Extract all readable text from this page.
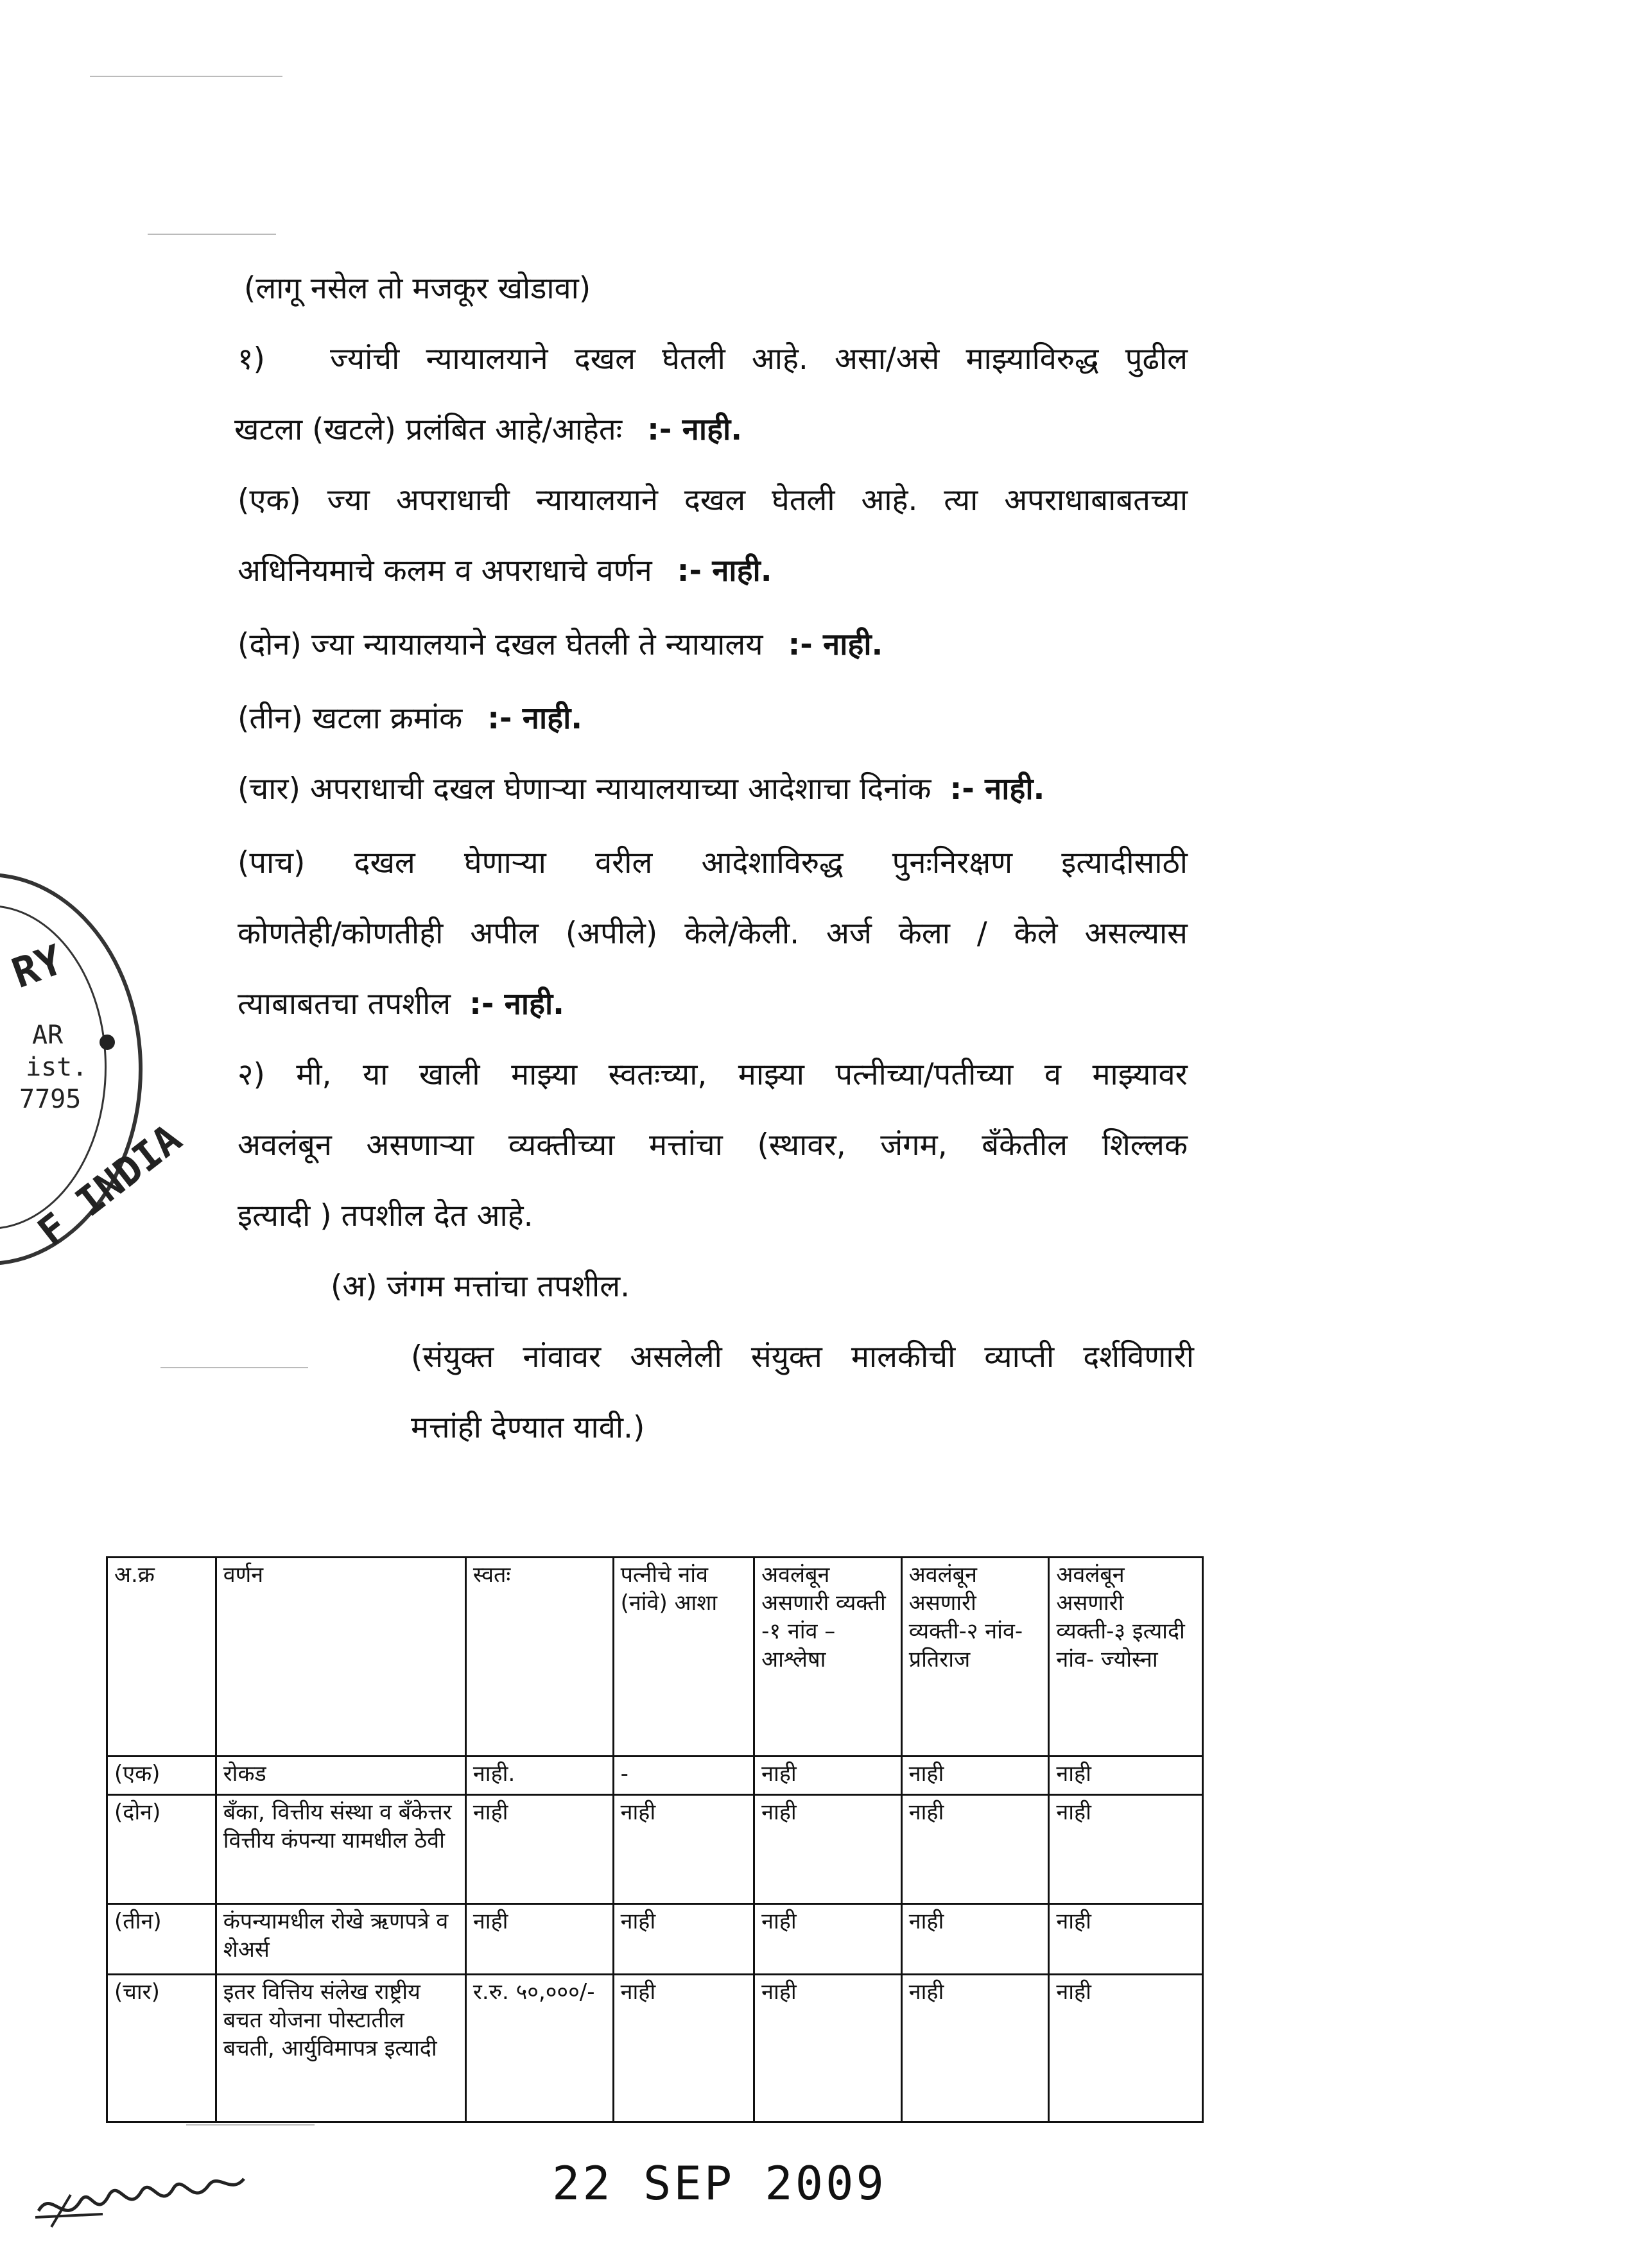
RY
AR
ist.
7795
F INDIA
(लागू नसेल तो मजकूर खोडावा)
१) ज्यांची न्यायालयाने दखल घेतली आहे. असा/असे माझ्याविरुद्ध पुढील
खटला (खटले) प्रलंबित आहे/आहेतः :- नाही.
(एक) ज्या अपराधाची न्यायालयाने दखल घेतली आहे. त्या अपराधाबाबतच्या
अधिनियमाचे कलम व अपराधाचे वर्णन :- नाही.
(दोन) ज्या न्यायालयाने दखल घेतली ते न्यायालय :- नाही.
(तीन) खटला क्रमांक :- नाही.
(चार) अपराधाची दखल घेणाऱ्या न्यायालयाच्या आदेशाचा दिनांक :- नाही.
(पाच) दखल घेणाऱ्या वरील आदेशाविरुद्ध पुनःनिरक्षण इत्यादीसाठी
कोणतेही/कोणतीही अपील (अपीले) केले/केली. अर्ज केला / केले असल्यास
त्याबाबतचा तपशील :- नाही.
२) मी, या खाली माझ्या स्वतःच्या, माझ्या पत्नीच्या/पतीच्या व माझ्यावर
अवलंबून असणाऱ्या व्यक्तीच्या मत्तांचा (स्थावर, जंगम, बँकेतील शिल्लक
इत्यादी ) तपशील देत आहे.
(अ) जंगम मत्तांचा तपशील.
(संयुक्त नांवावर असलेली संयुक्त मालकीची व्याप्ती दर्शविणारी
मत्तांही देण्यात यावी.)
अ.क्र	वर्णन	स्वतः	पत्नीचे नांव (नांवे) आशा	अवलंबून असणारी व्यक्ती -१ नांव – आश्लेषा	अवलंबून असणारी व्यक्ती-२ नांव- प्रतिराज	अवलंबून असणारी व्यक्ती-३ इत्यादी नांव- ज्योस्ना
(एक)	रोकड	नाही.	-	नाही	नाही	नाही
(दोन)	बँका, वित्तीय संस्था व बँकेत्तर वित्तीय कंपन्या यामधील ठेवी	नाही	नाही	नाही	नाही	नाही
(तीन)	कंपन्यामधील रोखे ऋणपत्रे व शेअर्स	नाही	नाही	नाही	नाही	नाही
(चार)	इतर वित्तिय संलेख राष्ट्रीय बचत योजना पोस्टातील बचती, आर्युविमापत्र इत्यादी	र.रु. ५०,०००/-	नाही	नाही	नाही	नाही
22 SEP 2009
